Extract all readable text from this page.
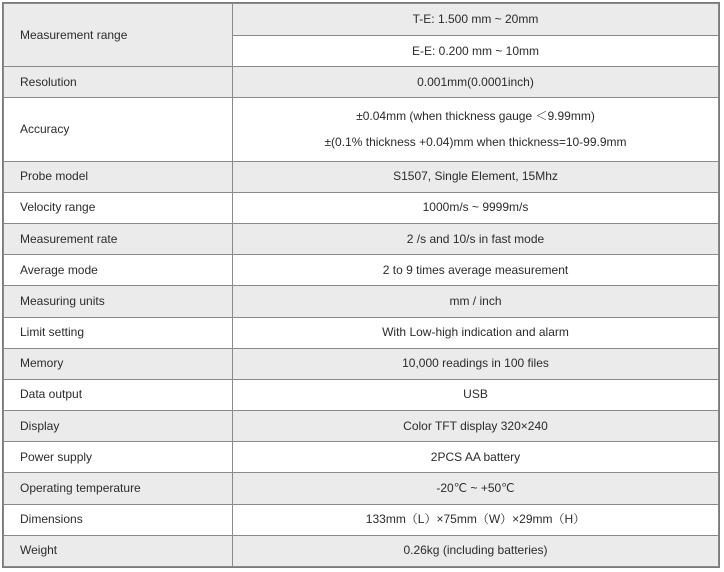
Measurement range	T-E: 1.500 mm ~ 20mm
	E-E: 0.200 mm ~ 10mm
Resolution	0.001mm(0.0001inch)
Accuracy	±0.04mm (when thickness gauge ＜9.99mm)
±(0.1% thickness +0.04)mm when thickness=10-99.9mm

Probe model	S1507, Single Element, 15Mhz
Velocity range	1000m/s ~ 9999m/s
Measurement rate	2 /s and 10/s in fast mode
Average mode	2 to 9 times average measurement
Measuring units	mm / inch
Limit setting	With Low-high indication and alarm
Memory	10,000 readings in 100 files
Data output	USB
Display	Color TFT display 320×240
Power supply	2PCS AA battery
Operating temperature	-20℃ ~ +50℃
Dimensions	133mm（L）×75mm（W）×29mm（H）
Weight	0.26kg (including batteries)
